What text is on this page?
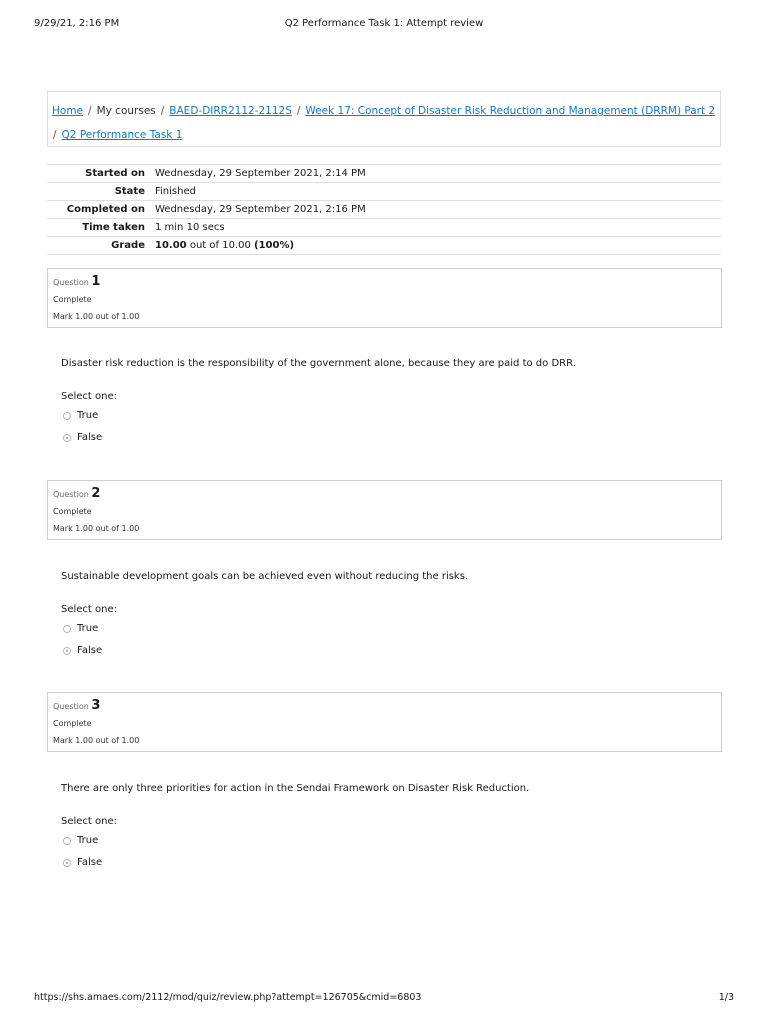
9/29/21, 2:16 PM	Q2 Performance Task 1: Attempt review
Home / My courses / BAED-DIRR2112-2112S / Week 17: Concept of Disaster Risk Reduction and Management (DRRM) Part 2
/ Q2 Performance Task 1
Started on	Wednesday, 29 September 2021, 2:14 PM
State	Finished
Completed on	Wednesday, 29 September 2021, 2:16 PM
Time taken	1 min 10 secs
Grade	10.00 out of 10.00 (100%)
Question 1
Complete
Mark 1.00 out of 1.00
Disaster risk reduction is the responsibility of the government alone, because they are paid to do DRR.
Select one:
True
False
Question 2
Complete
Mark 1.00 out of 1.00
Sustainable development goals can be achieved even without reducing the risks.
Select one:
True
False
Question 3
Complete
Mark 1.00 out of 1.00
There are only three priorities for action in the Sendai Framework on Disaster Risk Reduction.
Select one:
True
False
https://shs.amaes.com/2112/mod/quiz/review.php?attempt=126705&cmid=6803	1/3
